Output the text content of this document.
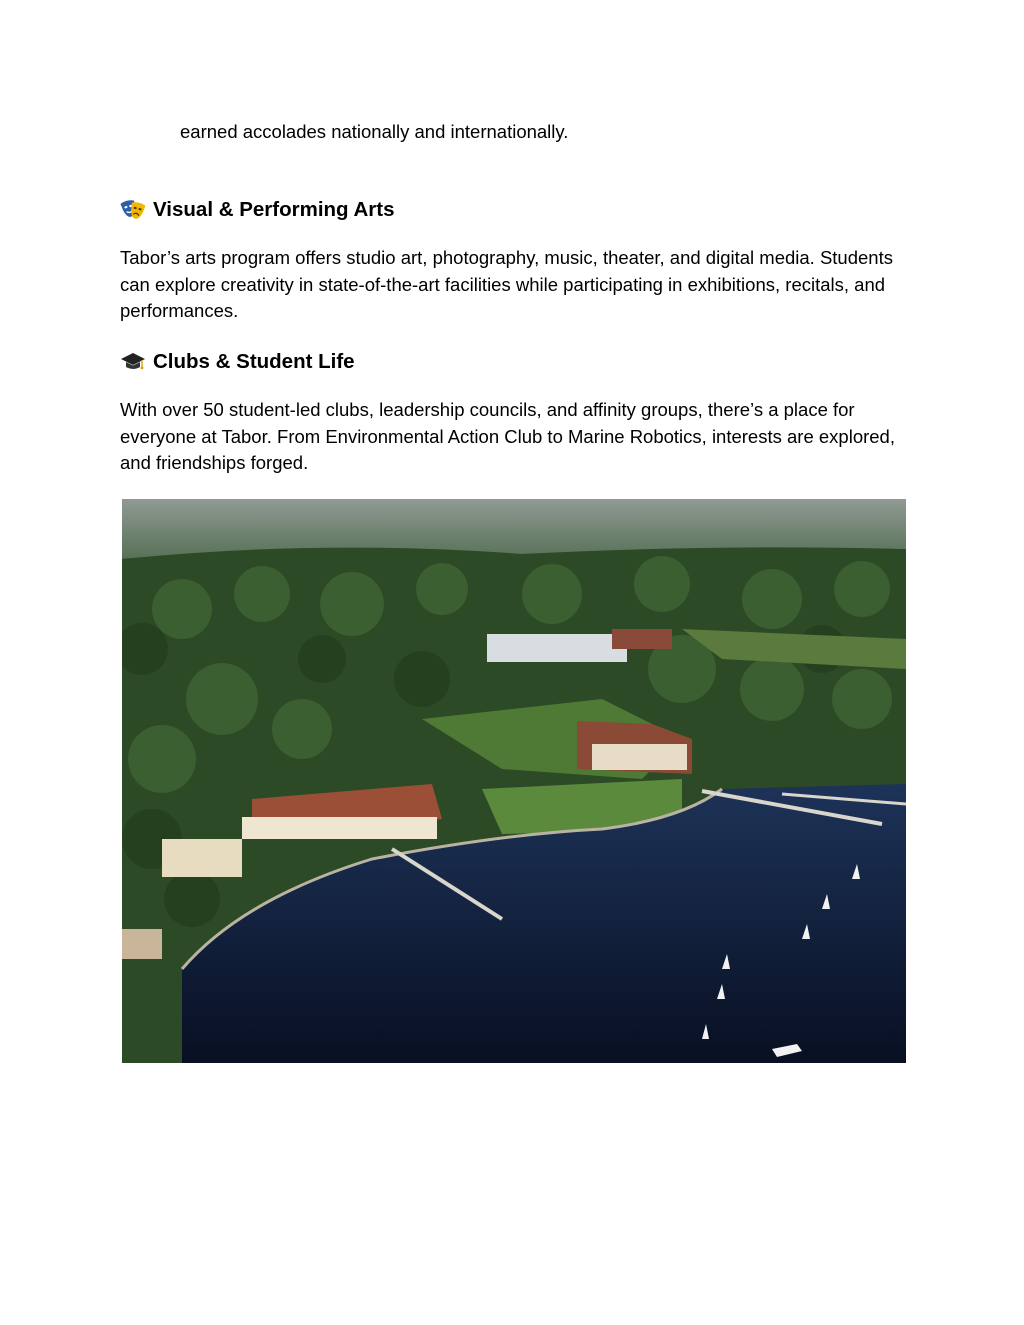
earned accolades nationally and internationally.

Visual & Performing Arts

Tabor’s arts program offers studio art, photography, music, theater, and digital media. Students can explore creativity in state-of-the-art facilities while participating in exhibitions, recitals, and performances.

Clubs & Student Life

With over 50 student-led clubs, leadership councils, and affinity groups, there’s a place for everyone at Tabor. From Environmental Action Club to Marine Robotics, interests are explored, and friendships forged.
